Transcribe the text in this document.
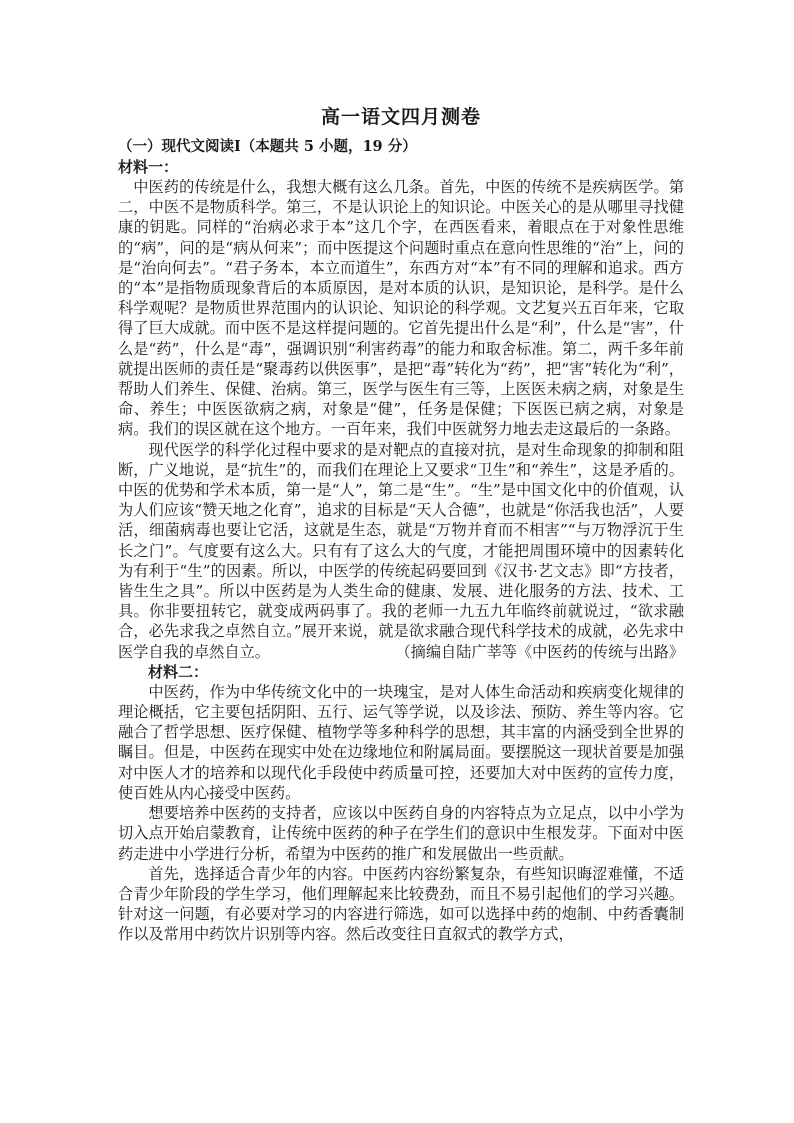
高一语文四月测卷

（一）现代文阅读Ⅰ（本题共 5 小题，19 分）

材料一：

中医药的传统是什么，我想大概有这么几条。首先，中医的传统不是疾病医学。第二，中医不是物质科学。第三，不是认识论上的知识论。中医关心的是从哪里寻找健康的钥匙。同样的“治病必求于本”这几个字，在西医看来，着眼点在于对象性思维的“病”，问的是“病从何来”；而中医提这个问题时重点在意向性思维的“治”上，问的是“治向何去”。“君子务本，本立而道生”，东西方对“本”有不同的理解和追求。西方的“本”是指物质现象背后的本质原因，是对本质的认识，是知识论，是科学。是什么科学观呢？是物质世界范围内的认识论、知识论的科学观。文艺复兴五百年来，它取得了巨大成就。而中医不是这样提问题的。它首先提出什么是“利”，什么是“害”，什么是“药”，什么是“毒”，强调识别“利害药毒”的能力和取舍标准。第二，两千多年前就提出医师的责任是“聚毒药以供医事”，是把“毒”转化为“药”，把“害”转化为“利”，帮助人们养生、保健、治病。第三，医学与医生有三等，上医医未病之病，对象是生命、养生；中医医欲病之病，对象是“健”，任务是保健；下医医已病之病，对象是病。我们的误区就在这个地方。一百年来，我们中医就努力地去走这最后的一条路。

现代医学的科学化过程中要求的是对靶点的直接对抗，是对生命现象的抑制和阻断，广义地说，是“抗生”的，而我们在理论上又要求“卫生”和“养生”，这是矛盾的。中医的优势和学术本质，第一是“人”，第二是“生”。“生”是中国文化中的价值观，认为人们应该“赞天地之化育”，追求的目标是“天人合德”，也就是“你活我也活”，人要活，细菌病毒也要让它活，这就是生态，就是“万物并育而不相害”“与万物浮沉于生长之门”。气度要有这么大。只有有了这么大的气度，才能把周围环境中的因素转化为有利于“生”的因素。所以，中医学的传统起码要回到《汉书·艺文志》即“方技者，皆生生之具”。所以中医药是为人类生命的健康、发展、进化服务的方法、技术、工具。你非要扭转它，就变成两码事了。我的老师一九五九年临终前就说过，“欲求融合，必先求我之卓然自立。”展开来说，就是欲求融合现代科学技术的成就，必先求中医学自我的卓然自立。	（摘编自陆广莘等《中医药的传统与出路》

材料二：

中医药，作为中华传统文化中的一块瑰宝，是对人体生命活动和疾病变化规律的理论概括，它主要包括阴阳、五行、运气等学说，以及诊法、预防、养生等内容。它融合了哲学思想、医疗保健、植物学等多种科学的思想，其丰富的内涵受到全世界的瞩目。但是，中医药在现实中处在边缘地位和附属局面。要摆脱这一现状首要是加强对中医人才的培养和以现代化手段使中药质量可控，还要加大对中医药的宣传力度，使百姓从内心接受中医药。

想要培养中医药的支持者，应该以中医药自身的内容特点为立足点，以中小学为切入点开始启蒙教育，让传统中医药的种子在学生们的意识中生根发芽。下面对中医药走进中小学进行分析，希望为中医药的推广和发展做出一些贡献。

首先，选择适合青少年的内容。中医药内容纷繁复杂，有些知识晦涩难懂，不适合青少年阶段的学生学习，他们理解起来比较费劲，而且不易引起他们的学习兴趣。针对这一问题，有必要对学习的内容进行筛选，如可以选择中药的炮制、中药香囊制作以及常用中药饮片识别等内容。然后改变往日直叙式的教学方式，
